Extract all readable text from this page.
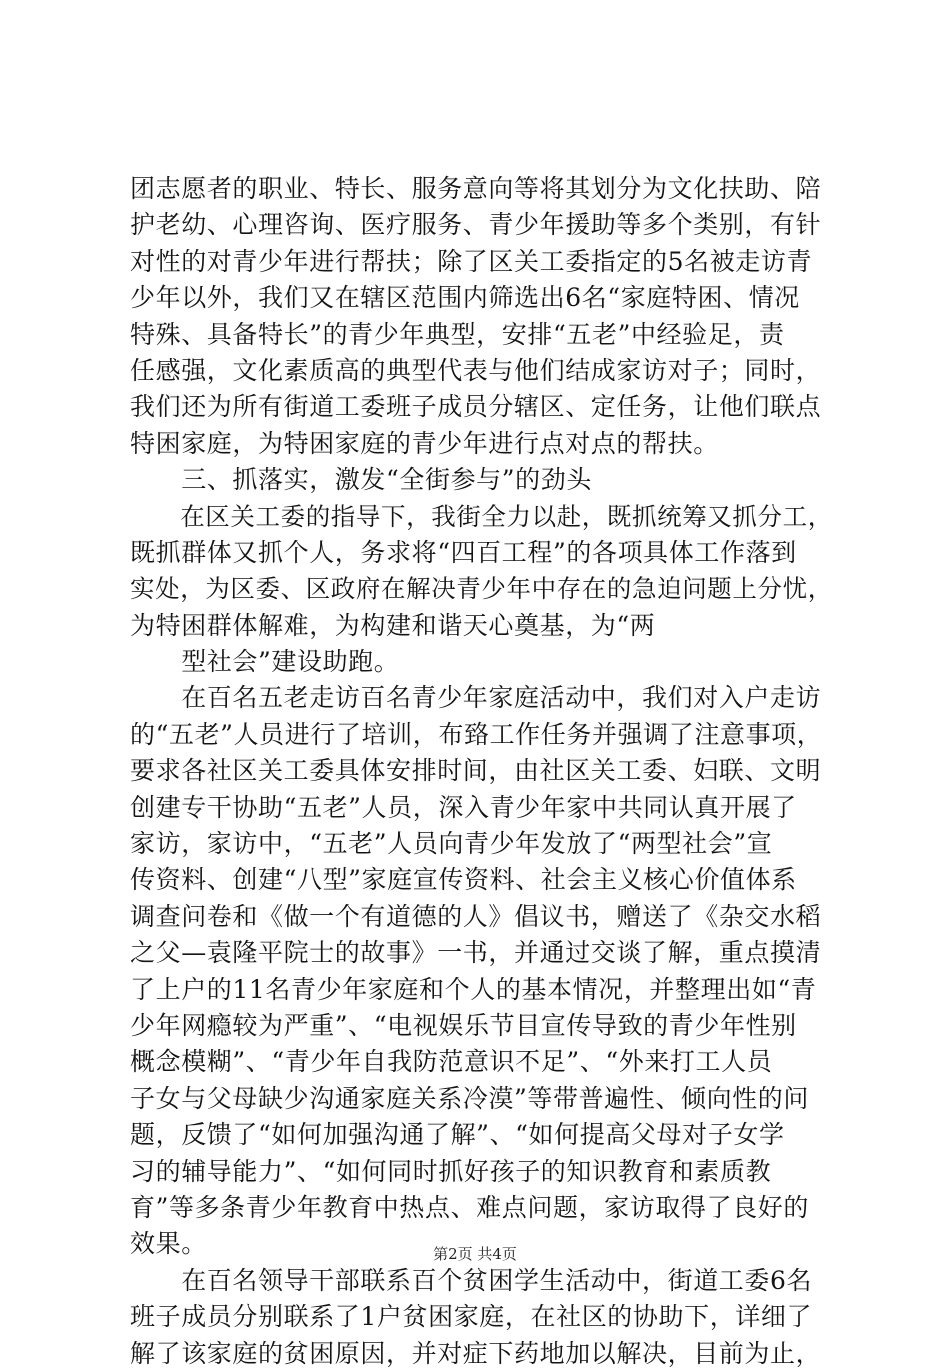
团志愿者的职业、特长、服务意向等将其划分为文化扶助、陪
护老幼、心理咨询、医疗服务、青少年援助等多个类别，有针
对性的对青少年进行帮扶；除了区关工委指定的5名被走访青
少年以外，我们又在辖区范围内筛选出6名“家庭特困、情况
特殊、具备特长”的青少年典型，安排“五老”中经验足，责
任感强，文化素质高的典型代表与他们结成家访对子；同时，
我们还为所有街道工委班子成员分辖区、定任务，让他们联点
特困家庭，为特困家庭的青少年进行点对点的帮扶。
　　三、抓落实，激发“全街参与”的劲头
　　在区关工委的指导下，我街全力以赴，既抓统筹又抓分工，
既抓群体又抓个人，务求将“四百工程”的各项具体工作落到
实处，为区委、区政府在解决青少年中存在的急迫问题上分忧，
为特困群体解难，为构建和谐天心奠基，为“两
　　型社会”建设助跑。
　　在百名五老走访百名青少年家庭活动中，我们对入户走访
的“五老”人员进行了培训，布臵工作任务并强调了注意事项，
要求各社区关工委具体安排时间，由社区关工委、妇联、文明
创建专干协助“五老”人员，深入青少年家中共同认真开展了
家访，家访中，“五老”人员向青少年发放了“两型社会”宣
传资料、创建“八型”家庭宣传资料、社会主义核心价值体系
调查问卷和《做一个有道德的人》倡议书，赠送了《杂交水稻
之父—袁隆平院士的故事》一书，并通过交谈了解，重点摸清
了上户的11名青少年家庭和个人的基本情况，并整理出如“青
少年网瘾较为严重”、“电视娱乐节目宣传导致的青少年性别
概念模糊”、“青少年自我防范意识不足”、“外来打工人员
子女与父母缺少沟通家庭关系冷漠”等带普遍性、倾向性的问
题，反馈了“如何加强沟通了解”、“如何提高父母对子女学
习的辅导能力”、“如何同时抓好孩子的知识教育和素质教
育”等多条青少年教育中热点、难点问题，家访取得了良好的
效果。
　　在百名领导干部联系百个贫困学生活动中，街道工委6名
班子成员分别联系了1户贫困家庭，在社区的协助下，详细了
解了该家庭的贫困原因，并对症下药地加以解决，目前为止，
第2页 共4页
